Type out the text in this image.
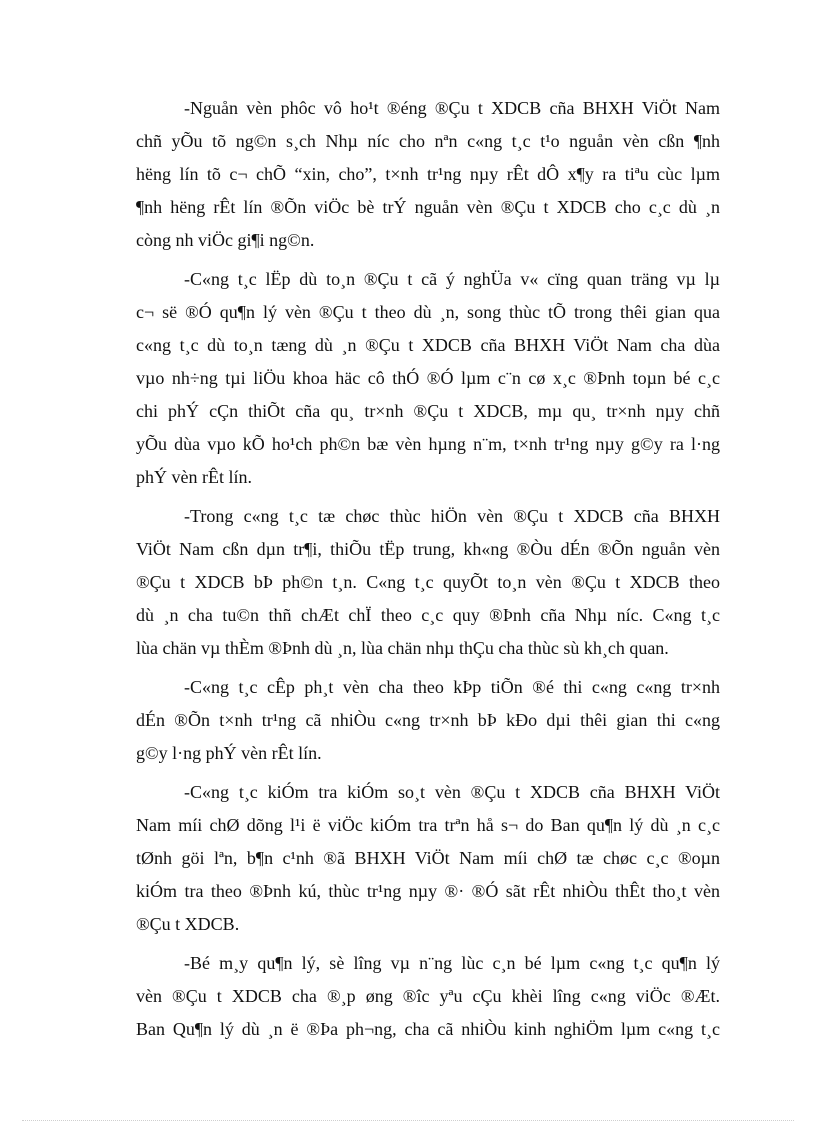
-Nguån vèn phôc vô ho¹t ®éng ®Çu t XDCB cña BHXH ViÖt Nam
chñ yÕu tõ ng©n s¸ch Nhµ níc cho nªn c«ng t¸c t¹o nguån vèn cßn ¶nh
hëng lín tõ c¬ chÕ “xin, cho”, t×nh tr¹ng nµy rÊt dÔ x¶y ra tiªu cùc lµm
¶nh hëng rÊt lín ®Õn viÖc bè trÝ nguån vèn ®Çu t XDCB cho c¸c dù ¸n
còng nh viÖc gi¶i ng©n.
-C«ng t¸c lËp dù to¸n ®Çu t cã ý nghÜa v« cïng quan träng vµ lµ
c¬ së ®Ó qu¶n lý vèn ®Çu t theo dù ¸n, song thùc tÕ trong thêi gian qua
c«ng t¸c dù to¸n tæng dù ¸n ®Çu t XDCB cña BHXH ViÖt Nam cha dùa
vµo nh÷ng tµi liÖu khoa häc cô thÓ ®Ó lµm c¨n cø x¸c ®Þnh toµn bé c¸c
chi phÝ cÇn thiÕt cña qu¸ tr×nh ®Çu t XDCB, mµ qu¸ tr×nh nµy chñ
yÕu dùa vµo kÕ ho¹ch ph©n bæ vèn hµng n¨m, t×nh tr¹ng nµy g©y ra l·ng
phÝ vèn rÊt lín.
-Trong c«ng t¸c tæ chøc thùc hiÖn vèn ®Çu t XDCB cña BHXH
ViÖt Nam cßn dµn tr¶i, thiÕu tËp trung, kh«ng ®Òu dÉn ®Õn nguån vèn
®Çu t XDCB bÞ ph©n t¸n. C«ng t¸c quyÕt to¸n vèn ®Çu t XDCB theo
dù ¸n cha tu©n thñ chÆt chÏ theo c¸c quy ®Þnh cña Nhµ níc. C«ng t¸c
lùa chän vµ thÈm ®Þnh dù ¸n, lùa chän nhµ thÇu cha thùc sù kh¸ch quan.
-C«ng t¸c cÊp ph¸t vèn cha theo kÞp tiÕn ®é thi c«ng c«ng tr×nh
dÉn ®Õn t×nh tr¹ng cã nhiÒu c«ng tr×nh bÞ kÐo dµi thêi gian thi c«ng
g©y l·ng phÝ vèn rÊt lín.
-C«ng t¸c kiÓm tra kiÓm so¸t vèn ®Çu t XDCB cña BHXH ViÖt
Nam míi chØ dõng l¹i ë viÖc kiÓm tra trªn hå s¬ do Ban qu¶n lý dù ¸n c¸c
tØnh göi lªn, b¶n c¹nh ®ã BHXH ViÖt Nam míi chØ tæ chøc c¸c ®oµn
kiÓm tra theo ®Þnh kú, thùc tr¹ng nµy ®· ®Ó sãt rÊt nhiÒu thÊt tho¸t vèn
®Çu t XDCB.
-Bé m¸y qu¶n lý, sè lîng vµ n¨ng lùc c¸n bé lµm c«ng t¸c qu¶n lý
vèn ®Çu t XDCB cha ®¸p øng ®îc yªu cÇu khèi lîng c«ng viÖc ®Æt.
Ban Qu¶n lý dù ¸n ë ®Þa ph¬ng, cha cã nhiÒu kinh nghiÖm lµm c«ng t¸c
